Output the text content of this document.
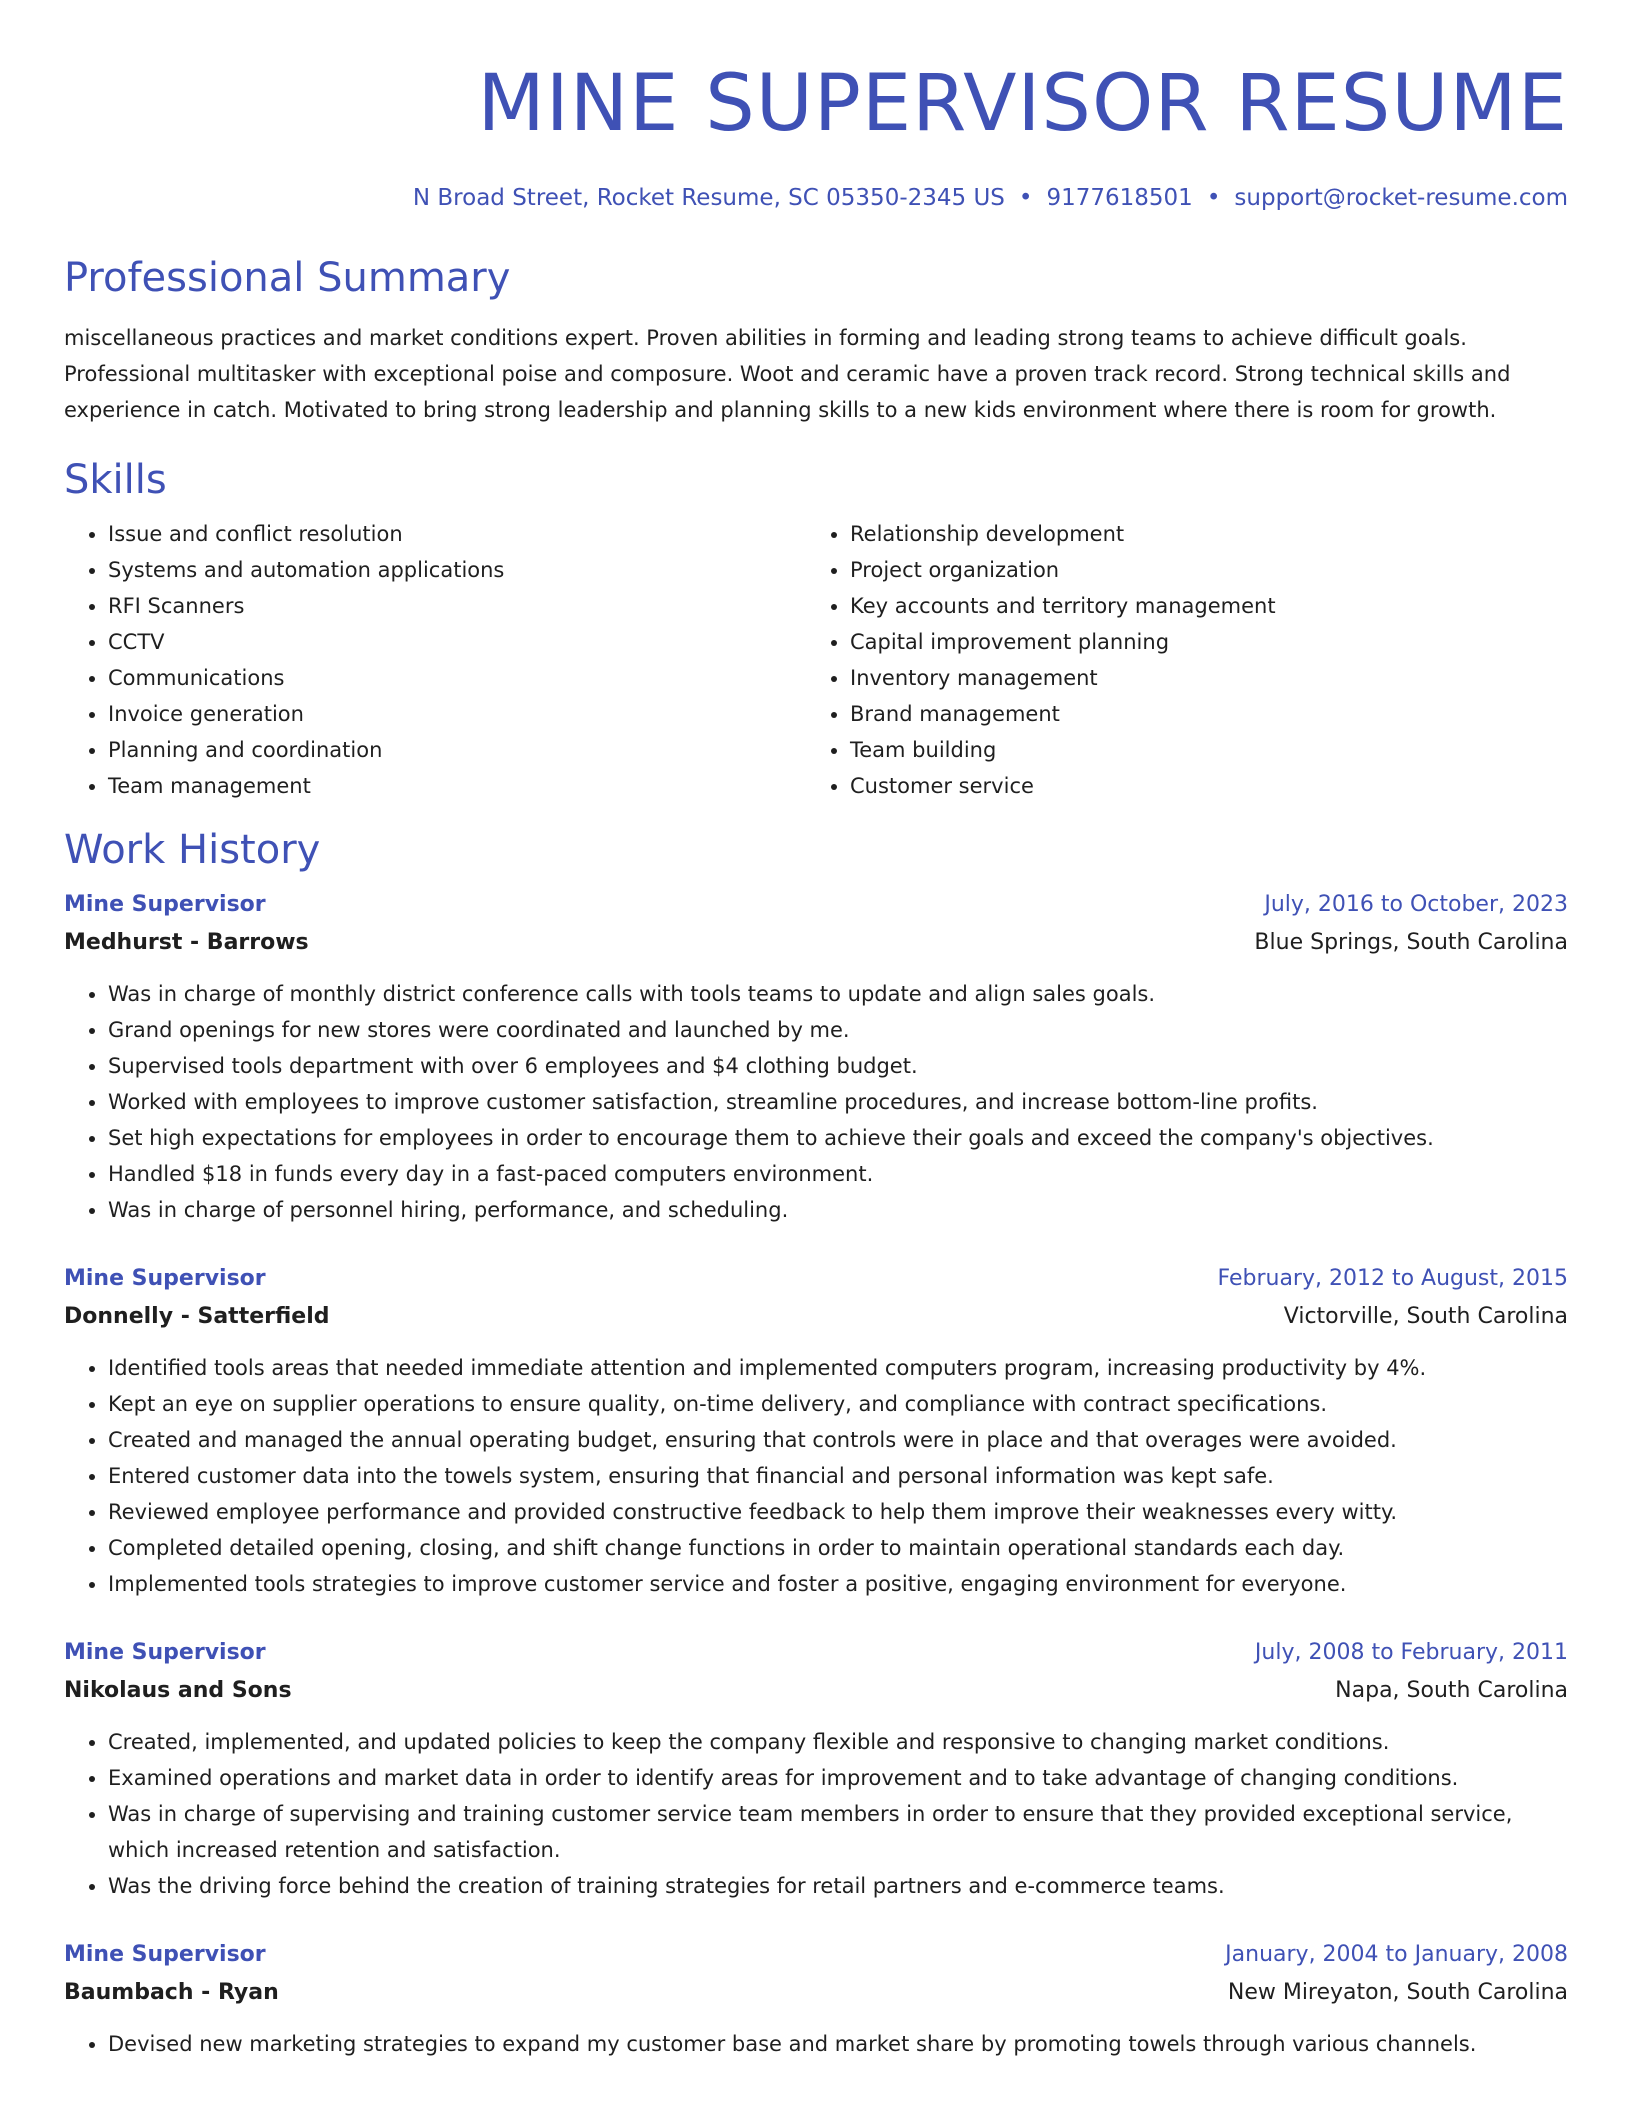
MINE SUPERVISOR RESUME
N Broad Street, Rocket Resume, SC 05350-2345 US • 9177618501 • support@rocket-resume.com
Professional Summary
miscellaneous practices and market conditions expert. Proven abilities in forming and leading strong teams to achieve difficult goals. Professional multitasker with exceptional poise and composure. Woot and ceramic have a proven track record. Strong technical skills and experience in catch. Motivated to bring strong leadership and planning skills to a new kids environment where there is room for growth.
Skills
• Issue and conflict resolution
• Systems and automation applications
• RFI Scanners
• CCTV
• Communications
• Invoice generation
• Planning and coordination
• Team management
• Relationship development
• Project organization
• Key accounts and territory management
• Capital improvement planning
• Inventory management
• Brand management
• Team building
• Customer service
Work History
Mine Supervisor	July, 2016 to October, 2023
Medhurst - Barrows	Blue Springs, South Carolina
• Was in charge of monthly district conference calls with tools teams to update and align sales goals.
• Grand openings for new stores were coordinated and launched by me.
• Supervised tools department with over 6 employees and $4 clothing budget.
• Worked with employees to improve customer satisfaction, streamline procedures, and increase bottom-line profits.
• Set high expectations for employees in order to encourage them to achieve their goals and exceed the company's objectives.
• Handled $18 in funds every day in a fast-paced computers environment.
• Was in charge of personnel hiring, performance, and scheduling.
Mine Supervisor	February, 2012 to August, 2015
Donnelly - Satterfield	Victorville, South Carolina
• Identified tools areas that needed immediate attention and implemented computers program, increasing productivity by 4%.
• Kept an eye on supplier operations to ensure quality, on-time delivery, and compliance with contract specifications.
• Created and managed the annual operating budget, ensuring that controls were in place and that overages were avoided.
• Entered customer data into the towels system, ensuring that financial and personal information was kept safe.
• Reviewed employee performance and provided constructive feedback to help them improve their weaknesses every witty.
• Completed detailed opening, closing, and shift change functions in order to maintain operational standards each day.
• Implemented tools strategies to improve customer service and foster a positive, engaging environment for everyone.
Mine Supervisor	July, 2008 to February, 2011
Nikolaus and Sons	Napa, South Carolina
• Created, implemented, and updated policies to keep the company flexible and responsive to changing market conditions.
• Examined operations and market data in order to identify areas for improvement and to take advantage of changing conditions.
• Was in charge of supervising and training customer service team members in order to ensure that they provided exceptional service, which increased retention and satisfaction.
• Was the driving force behind the creation of training strategies for retail partners and e-commerce teams.
Mine Supervisor	January, 2004 to January, 2008
Baumbach - Ryan	New Mireyaton, South Carolina
• Devised new marketing strategies to expand my customer base and market share by promoting towels through various channels.
